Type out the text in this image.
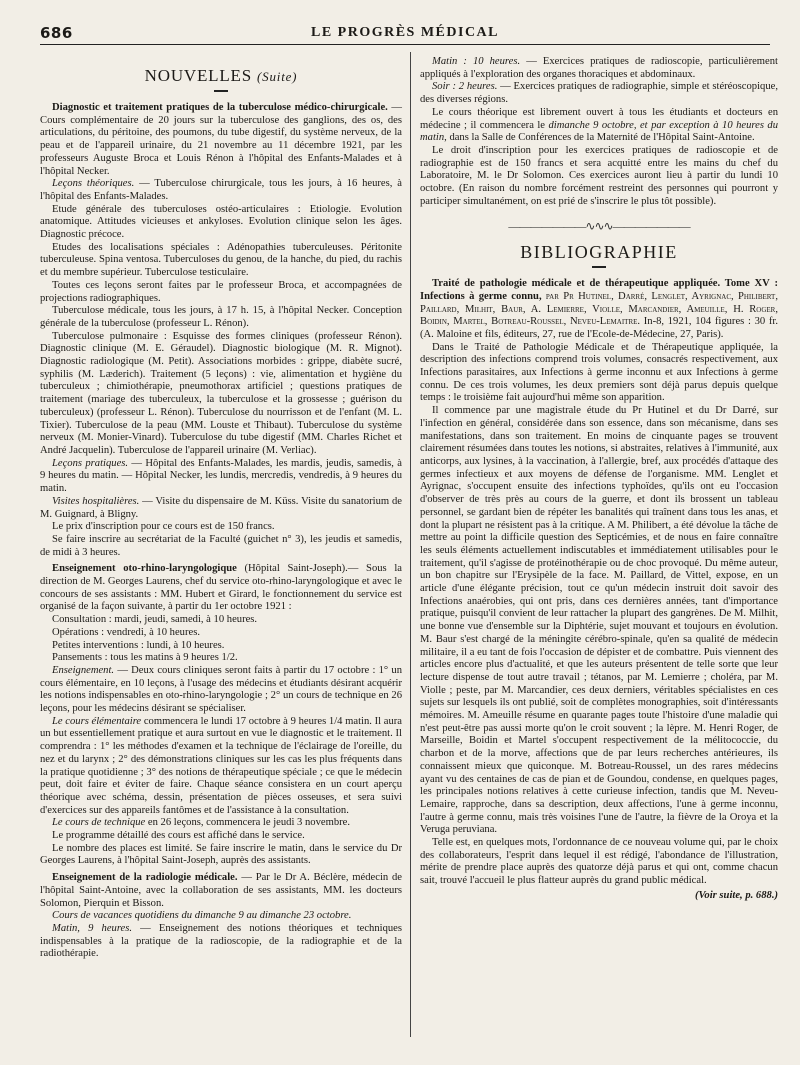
686	LE PROGRÈS MÉDICAL
NOUVELLES (Suite)

Diagnostic et traitement pratiques de la tuberculose médico-chirurgicale. — Cours complémentaire de 20 jours sur la tuberculose des ganglions, des os, des articulations, du péritoine, des poumons, du tube digestif, du système nerveux, de la peau et de l'appareil urinaire, du 21 novembre au 11 décembre 1921, par les professeurs Auguste Broca et Louis Rénon à l'hôpital des Enfants-Malades et à l'hôpital Necker.

Leçons théoriques. — Tuberculose chirurgicale, tous les jours, à 16 heures, à l'hôpital des Enfants-Malades.

Etude générale des tuberculoses ostéo-articulaires : Etiologie. Evolution anatomique. Attitudes vicieuses et ankyloses. Evolution clinique selon les âges. Diagnostic précoce.

Etudes des localisations spéciales : Adénopathies tuberculeuses. Péritonite tuberculeuse. Spina ventosa. Tuberculoses du genou, de la hanche, du pied, du rachis et du membre supérieur. Tuberculose testiculaire.

Toutes ces leçons seront faites par le professeur Broca, et accompagnées de projections radiographiques.

Tuberculose médicale, tous les jours, à 17 h. 15, à l'hôpital Necker. Conception générale de la tuberculose (professeur L. Rénon).

Tuberculose pulmonaire : Esquisse des formes cliniques (professeur Rénon). Diagnostic clinique (M. E. Géraudel). Diagnostic biologique (M. R. Mignot). Diagnostic radiologique (M. Petit). Associations morbides : grippe, diabète sucré, syphilis (M. Læderich). Traitement (5 leçons) : vie, alimentation et hygiène du tuberculeux ; chimiothérapie, pneumothorax artificiel ; questions pratiques de traitement (mariage des tuberculeux, la tuberculose et la grossesse ; guérison du tuberculeux) (professeur L. Rénon). Tuberculose du nourrisson et de l'enfant (M. L. Tixier). Tuberculose de la peau (MM. Louste et Thibaut). Tuberculose du système nerveux (M. Monier-Vinard). Tuberculose du tube digestif (MM. Charles Richet et André Jacquelin). Tuberculose de l'appareil urinaire (M. Verliac).

Leçons pratiques. — Hôpital des Enfants-Malades, les mardis, jeudis, samedis, à 9 heures du matin. — Hôpital Necker, les lundis, mercredis, vendredis, à 9 heures du matin.

Visites hospitalières. — Visite du dispensaire de M. Küss. Visite du sanatorium de M. Guignard, à Bligny.

Le prix d'inscription pour ce cours est de 150 francs.

Se faire inscrire au secrétariat de la Faculté (guichet n° 3), les jeudis et samedis, de midi à 3 heures.

Enseignement oto-rhino-laryngologique (Hôpital Saint-Joseph).— Sous la direction de M. Georges Laurens, chef du service oto-rhino-laryngologique et avec le concours de ses assistants : MM. Hubert et Girard, le fonctionnement du service est organisé de la façon suivante, à partir du 1er octobre 1921 :

Consultation : mardi, jeudi, samedi, à 10 heures.

Opérations : vendredi, à 10 heures.

Petites interventions : lundi, à 10 heures.

Pansements : tous les matins à 9 heures 1/2.

Enseignement. — Deux cours cliniques seront faits à partir du 17 octobre : 1° un cours élémentaire, en 10 leçons, à l'usage des médecins et étudiants désirant acquérir les notions indispensables en oto-rhino-laryngologie ; 2° un cours de technique en 26 leçons, pour les médecins désirant se spécialiser.

Le cours élémentaire commencera le lundi 17 octobre à 9 heures 1/4 matin. Il aura un but essentiellement pratique et aura surtout en vue le diagnostic et le traitement. Il comprendra : 1° les méthodes d'examen et la technique de l'éclairage de l'oreille, du nez et du larynx ; 2° des démonstrations cliniques sur les cas les plus fréquents dans la pratique quotidienne ; 3° des notions de thérapeutique spéciale ; ce que le médecin peut, doit faire et éviter de faire. Chaque séance consistera en un court aperçu théorique avec schéma, dessin, présentation de pièces osseuses, et sera suivi d'exercices sur des appareils fantômes et de l'assistance à la consultation.

Le cours de technique en 26 leçons, commencera le jeudi 3 novembre.

Le programme détaillé des cours est affiché dans le service.

Le nombre des places est limité. Se faire inscrire le matin, dans le service du Dr Georges Laurens, à l'hôpital Saint-Joseph, auprès des assistants.

Enseignement de la radiologie médicale. — Par le Dr A. Béclère, médecin de l'hôpital Saint-Antoine, avec la collaboration de ses assistants, MM. les docteurs Solomon, Pierquin et Bisson.

Cours de vacances quotidiens du dimanche 9 au dimanche 23 octobre.

Matin, 9 heures. — Enseignement des notions théoriques et techniques indispensables à la pratique de la radioscopie, de la radiographie et de la radiothérapie.

Matin : 10 heures. — Exercices pratiques de radioscopie, particulièrement appliqués à l'exploration des organes thoraciques et abdominaux.

Soir : 2 heures. — Exercices pratiques de radiographie, simple et stéréoscopique, des diverses régions.

Le cours théorique est librement ouvert à tous les étudiants et docteurs en médecine ; il commencera le dimanche 9 octobre, et par exception à 10 heures du matin, dans la Salle de Conférences de la Maternité de l'Hôpital Saint-Antoine.

Le droit d'inscription pour les exercices pratiques de radioscopie et de radiographie est de 150 francs et sera acquitté entre les mains du chef du Laboratoire, M. le Dr Solomon. Ces exercices auront lieu à partir du lundi 10 octobre. (En raison du nombre forcément restreint des personnes qui pourront y participer simultanément, on est prié de s'inscrire le plus tôt possible).

———————∿∿∿———————
BIBLIOGRAPHIE

Traité de pathologie médicale et de thérapeutique appliquée. Tome XV : Infections à germe connu, par Pr Hutinel, Darré, Lenglet, Ayrignac, Philibert, Paillard, Milhit, Baur, A. Lemierre, Violle, Marcandier, Ameuille, H. Roger, Boidin, Martel, Botreau-Roussel, Neveu-Lemaitre. In-8, 1921, 104 figures : 30 fr. (A. Maloine et fils, éditeurs, 27, rue de l'Ecole-de-Médecine, 27, Paris).

Dans le Traité de Pathologie Médicale et de Thérapeutique appliquée, la description des infections comprend trois volumes, consacrés respectivement, aux Infections parasitaires, aux Infections à germe inconnu et aux Infections à germe connu. De ces trois volumes, les deux premiers sont déjà parus depuis quelque temps : le troisième fait aujourd'hui même son apparition.

Il commence par une magistrale étude du Pr Hutinel et du Dr Darré, sur l'infection en général, considérée dans son essence, dans son mécanisme, dans ses manifestations, dans son traitement. En moins de cinquante pages se trouvent clairement résumées dans toutes les notions, si abstraites, relatives à l'immunité, aux anticorps, aux lysines, à la vaccination, à l'allergie, bref, aux procédés d'attaque des germes infectieux et aux moyens de défense de l'organisme. MM. Lenglet et Ayrignac, s'occupent ensuite des infections typhoïdes, qu'ils ont eu l'occasion d'observer de très près au cours de la guerre, et dont ils brossent un tableau personnel, se gardant bien de répéter les banalités qui traînent dans tous les anas, et dont la plupart ne résistent pas à la critique. A M. Philibert, a été dévolue la tâche de mettre au point la difficile question des Septicémies, et de nous en faire connaître les seuls éléments actuellement indiscutables et immédiatement utilisables pour le traitement, qu'il s'agisse de protéinothérapie ou de choc provoqué. Du même auteur, un bon chapitre sur l'Erysipèle de la face. M. Paillard, de Vittel, expose, en un article d'une élégante précision, tout ce qu'un médecin instruit doit savoir des Infections anaérobies, qui ont pris, dans ces dernières années, tant d'importance pratique, puisqu'il convient de leur rattacher la plupart des gangrènes. De M. Milhit, une bonne vue d'ensemble sur la Diphtérie, sujet mouvant et toujours en évolution. M. Baur s'est chargé de la méningite cérébro-spinale, qu'en sa qualité de médecin militaire, il a eu tant de fois l'occasion de dépister et de combattre. Puis viennent des articles encore plus d'actualité, et que les auteurs présentent de telle sorte que leur lecture dispense de tout autre travail ; tétanos, par M. Lemierre ; choléra, par M. Violle ; peste, par M. Marcandier, ces deux derniers, véritables spécialistes en ces sujets sur lesquels ils ont publié, soit de complètes monographies, soit d'intéressants mémoires. M. Ameuille résume en quarante pages toute l'histoire d'une maladie qui n'est peut-être pas aussi morte qu'on le croit souvent ; la lèpre. M. Henri Roger, de Marseille, Boidin et Martel s'occupent respectivement de la mélitococcie, du charbon et de la morve, affections que de par leurs recherches antérieures, ils connaissent mieux que quiconque. M. Botreau-Roussel, un des rares médecins ayant vu des centaines de cas de pian et de Goundou, condense, en quelques pages, les principales notions relatives à cette curieuse infection, tandis que M. Neveu-Lemaire, rapproche, dans sa description, deux affections, l'une à germe inconnu, l'autre à germe connu, mais très voisines l'une de l'autre, la fièvre de la Oroya et la Veruga peruviana.

Telle est, en quelques mots, l'ordonnance de ce nouveau volume qui, par le choix des collaborateurs, l'esprit dans lequel il est rédigé, l'abondance de l'illustration, mérite de prendre place auprès des quatorze déjà parus et qui ont, comme chacun sait, trouvé l'accueil le plus flatteur auprès du grand public médical.

(Voir suite, p. 688.)
